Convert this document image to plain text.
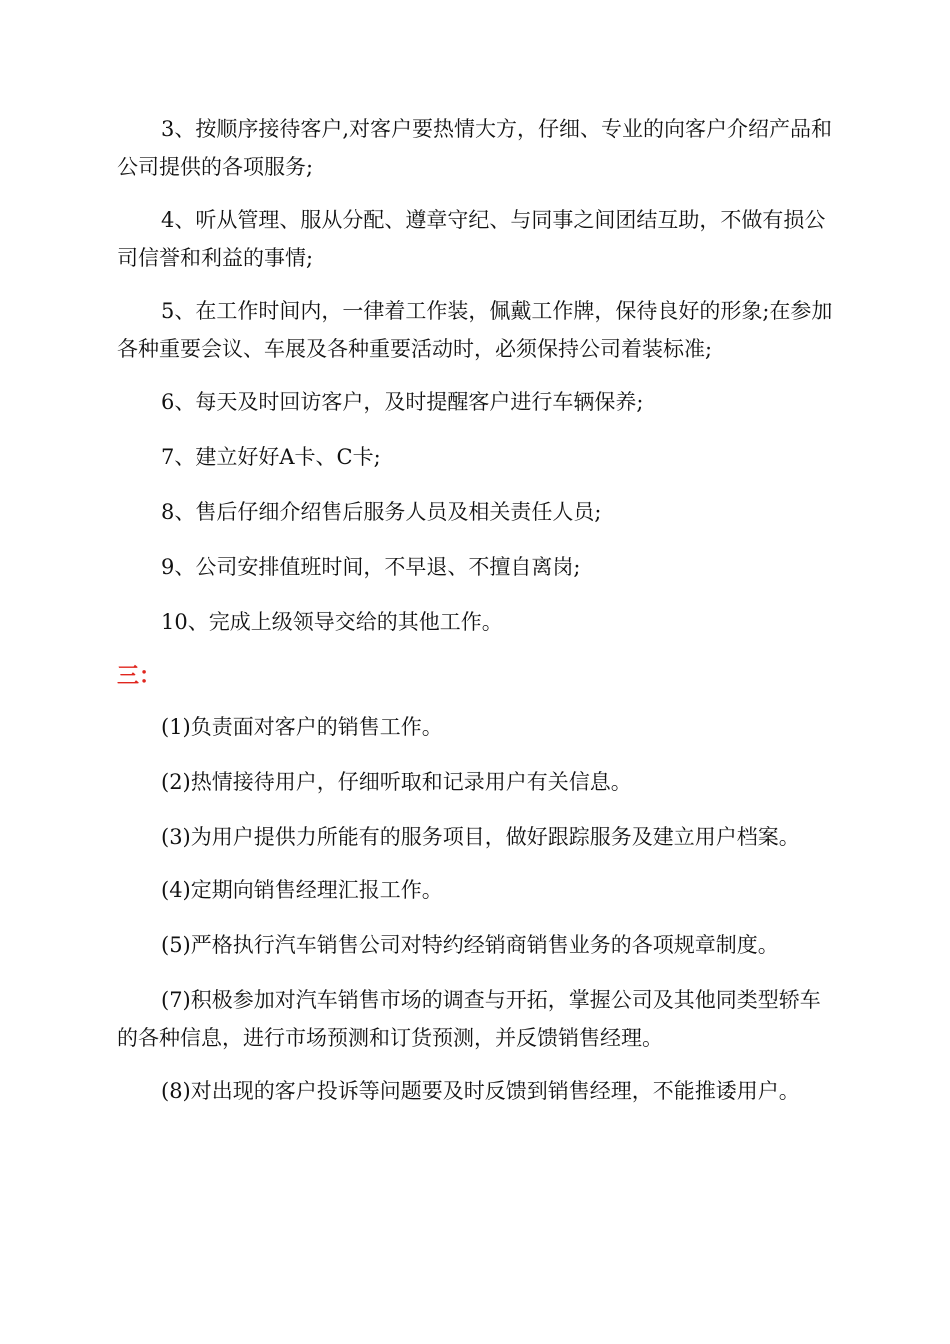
3、按顺序接待客户,对客户要热情大方，仔细、专业的向客户介绍产品和公司提供的各项服务;

4、听从管理、服从分配、遵章守纪、与同事之间团结互助，不做有损公司信誉和利益的事情;

5、在工作时间内，一律着工作装，佩戴工作牌，保待良好的形象;在参加各种重要会议、车展及各种重要活动时，必须保持公司着装标准;

6、每天及时回访客户，及时提醒客户进行车辆保养;

7、建立好好A卡、C卡;

8、售后仔细介绍售后服务人员及相关责任人员;

9、公司安排值班时间，不早退、不擅自离岗;

10、完成上级领导交给的其他工作。

三：

(1)负责面对客户的销售工作。

(2)热情接待用户，仔细听取和记录用户有关信息。

(3)为用户提供力所能有的服务项目，做好跟踪服务及建立用户档案。

(4)定期向销售经理汇报工作。

(5)严格执行汽车销售公司对特约经销商销售业务的各项规章制度。

(7)积极参加对汽车销售市场的调查与开拓，掌握公司及其他同类型轿车的各种信息，进行市场预测和订货预测，并反馈销售经理。

(8)对出现的客户投诉等问题要及时反馈到销售经理，不能推诿用户。
